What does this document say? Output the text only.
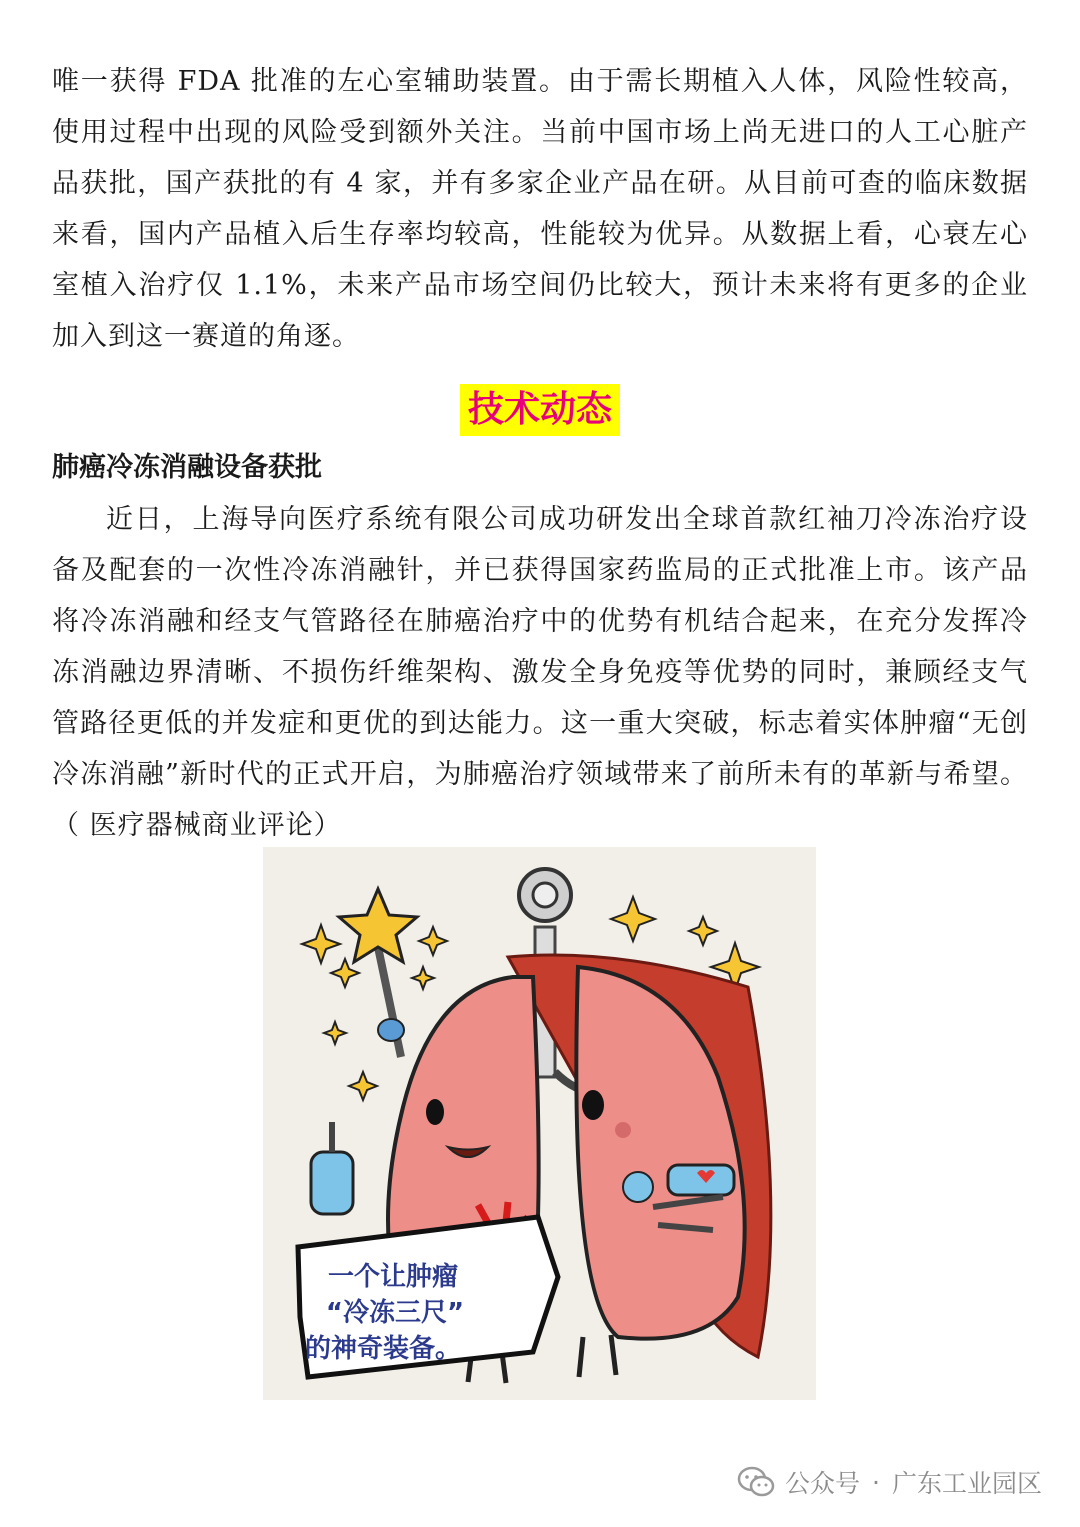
唯一获得 FDA 批准的左心室辅助装置。由于需长期植入人体，风险性较高，使用过程中出现的风险受到额外关注。当前中国市场上尚无进口的人工心脏产品获批，国产获批的有 4 家，并有多家企业产品在研。从目前可查的临床数据来看，国内产品植入后生存率均较高，性能较为优异。从数据上看，心衰左心室植入治疗仅 1.1%，未来产品市场空间仍比较大，预计未来将有更多的企业加入到这一赛道的角逐。

技术动态
肺癌冷冻消融设备获批

近日，上海导向医疗系统有限公司成功研发出全球首款红袖刀冷冻治疗设备及配套的一次性冷冻消融针，并已获得国家药监局的正式批准上市。该产品将冷冻消融和经支气管路径在肺癌治疗中的优势有机结合起来，在充分发挥冷冻消融边界清晰、不损伤纤维架构、激发全身免疫等优势的同时，兼顾经支气管路径更低的并发症和更优的到达能力。这一重大突破，标志着实体肿瘤“无创冷冻消融”新时代的正式开启，为肺癌治疗领域带来了前所未有的革新与希望。（ 医疗器械商业评论）

一个让肿瘤
“冷冻三尺”
的神奇装备。
公众号 · 广东工业园区
